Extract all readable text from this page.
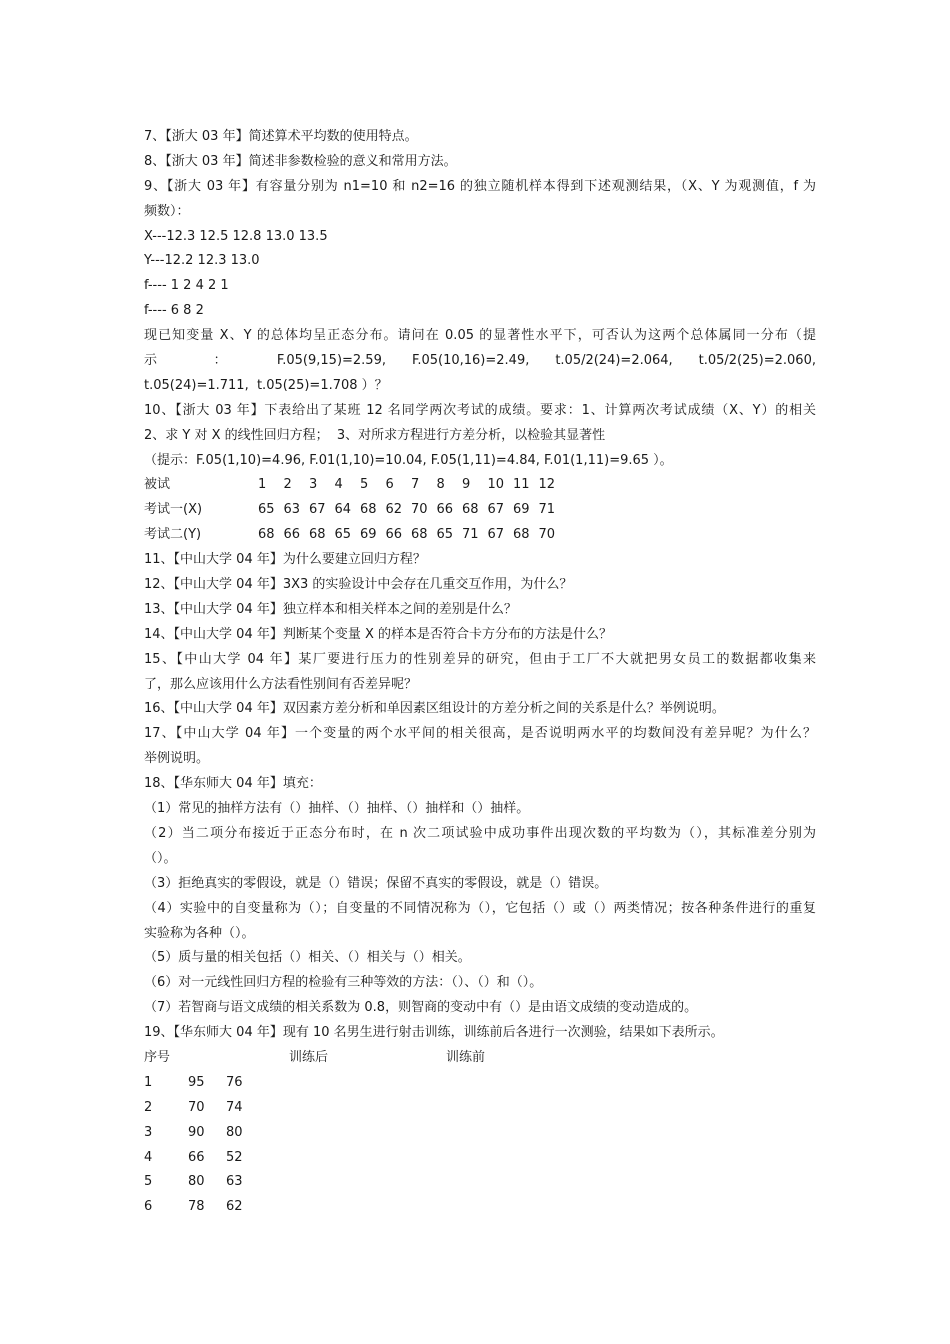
7、【浙大 03 年】简述算术平均数的使用特点。
8、【浙大 03 年】简述非参数检验的意义和常用方法。
9、【浙大 03 年】有容量分别为 n1=10 和 n2=16 的独立随机样本得到下述观测结果，（X、Y 为观测值，f 为
频数）：
X---12.3 12.5 12.8 13.0 13.5
Y---12.2 12.3 13.0
f---- 1 2 4 2 1
f---- 6 8 2
现已知变量 X、Y 的总体均呈正态分布。请问在 0.05 的显著性水平下，可否认为这两个总体属同一分布（提
示　：　F.05(9,15)=2.59, F.05(10,16)=2.49, t.05/2(24)=2.064, t.05/2(25)=2.060,
t.05(24)=1.711,  t.05(25)=1.708 ）？
10、【浙大 03 年】下表给出了某班 12 名同学两次考试的成绩。要求：1、计算两次考试成绩（X、Y）的相关
2、求 Y 对 X 的线性回归方程；  3、对所求方程进行方差分析，以检验其显著性
（提示：F.05(1,10)=4.96, F.01(1,10)=10.04, F.05(1,11)=4.84, F.01(1,11)=9.65 ）。
被试	1	2	3	4	5	6	7	8	9	10 11 12
考试一(X)	65 63 67 64 68 62 70 66 68 67 69 71
考试二(Y)	68 66 68 65 69 66 68 65 71 67 68 70
11、【中山大学 04 年】为什么要建立回归方程？
12、【中山大学 04 年】3X3 的实验设计中会存在几重交互作用，为什么？
13、【中山大学 04 年】独立样本和相关样本之间的差别是什么？
14、【中山大学 04 年】判断某个变量 X 的样本是否符合卡方分布的方法是什么？
15、【中山大学 04 年】某厂要进行压力的性别差异的研究，但由于工厂不大就把男女员工的数据都收集来
了，那么应该用什么方法看性别间有否差异呢？
16、【中山大学 04 年】双因素方差分析和单因素区组设计的方差分析之间的关系是什么？举例说明。
17、【中山大学 04 年】一个变量的两个水平间的相关很高，是否说明两水平的均数间没有差异呢？为什么？
举例说明。
18、【华东师大 04 年】填充：
（1）常见的抽样方法有（）抽样、（）抽样、（）抽样和（）抽样。
（2）当二项分布接近于正态分布时，在 n 次二项试验中成功事件出现次数的平均数为（），其标准差分别为
（）。
（3）拒绝真实的零假设，就是（）错误；保留不真实的零假设，就是（）错误。
（4）实验中的自变量称为（）；自变量的不同情况称为（），它包括（）或（）两类情况；按各种条件进行的重复
实验称为各种（）。
（5）质与量的相关包括（）相关、（）相关与（）相关。
（6）对一元线性回归方程的检验有三种等效的方法：（）、（）和（）。
（7）若智商与语文成绩的相关系数为 0.8，则智商的变动中有（）是由语文成绩的变动造成的。
19、【华东师大 04 年】现有 10 名男生进行射击训练，训练前后各进行一次测验，结果如下表所示。
序号	训练后	训练前
1	95	76
2	70	74
3	90	80
4	66	52
5	80	63
6	78	62
